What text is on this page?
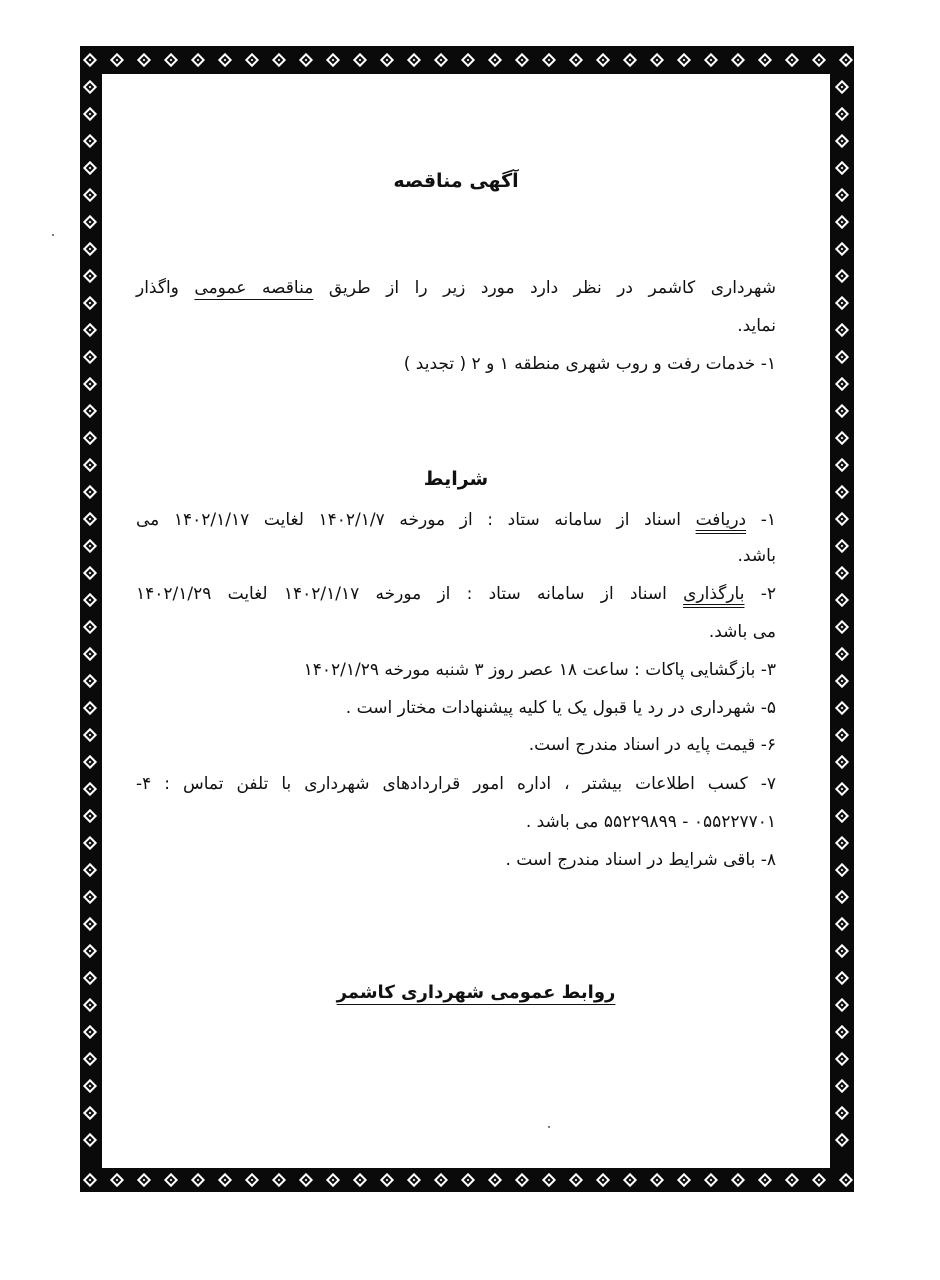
آگهی مناقصه
شهرداری کاشمر در نظر دارد مورد زیر را از طریق مناقصه عمومی واگذار
نماید.
۱- خدمات رفت و روب شهری منطقه ۱ و ۲ ( تجدید )
شرایط
۱- دریافت اسناد از سامانه ستاد : از مورخه ۱۴۰۲/۱/۷ لغایت ۱۴۰۲/۱/۱۷ می
باشد.
۲- بارگذاری اسناد از سامانه ستاد : از مورخه ۱۴۰۲/۱/۱۷ لغایت ۱۴۰۲/۱/۲۹
می باشد.
۳- بازگشایی پاکات : ساعت ۱۸ عصر روز ۳ شنبه مورخه ۱۴۰۲/۱/۲۹
۵- شهرداری در رد یا قبول یک یا کلیه پیشنهادات مختار است .
۶- قیمت پایه در اسناد مندرج است.
۷- کسب اطلاعات بیشتر ، اداره امور قراردادهای شهرداری با تلفن تماس : ۴-
۰۵۵۲۲۷۷۰۱ - ۵۵۲۲۹۸۹۹ می باشد .
۸- باقی شرایط در اسناد مندرج است .
روابط عمومی شهرداری کاشمر
